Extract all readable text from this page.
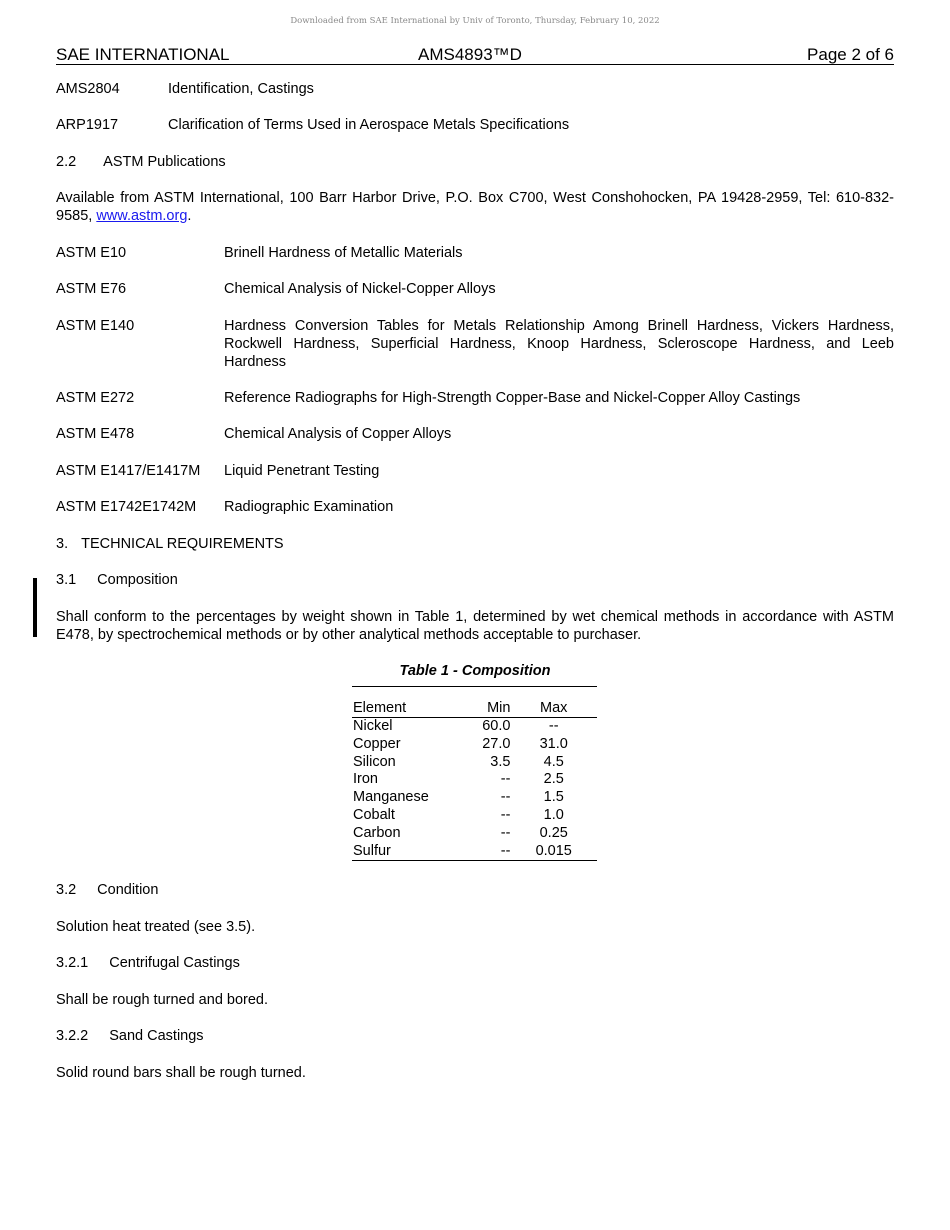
Downloaded from SAE International by Univ of Toronto, Thursday, February 10, 2022
SAE INTERNATIONAL	AMS4893™D	Page 2 of 6
AMS2804	Identification, Castings
ARP1917	Clarification of Terms Used in Aerospace Metals Specifications
2.2 ASTM Publications
Available from ASTM International, 100 Barr Harbor Drive, P.O. Box C700, West Conshohocken, PA 19428-2959, Tel: 610-832-9585, www.astm.org.
ASTM E10	Brinell Hardness of Metallic Materials
ASTM E76	Chemical Analysis of Nickel-Copper Alloys
ASTM E140	Hardness Conversion Tables for Metals Relationship Among Brinell Hardness, Vickers Hardness, Rockwell Hardness, Superficial Hardness, Knoop Hardness, Scleroscope Hardness, and Leeb Hardness
ASTM E272	Reference Radiographs for High-Strength Copper-Base and Nickel-Copper Alloy Castings
ASTM E478	Chemical Analysis of Copper Alloys
ASTM E1417/E1417M Liquid Penetrant Testing
ASTM E1742E1742M Radiographic Examination
3. TECHNICAL REQUIREMENTS
3.1 Composition
Shall conform to the percentages by weight shown in Table 1, determined by wet chemical methods in accordance with ASTM E478, by spectrochemical methods or by other analytical methods acceptable to purchaser.
Table 1 - Composition
Element	Min	Max
Nickel	60.0	--
Copper	27.0	31.0
Silicon	3.5	4.5
Iron	--	2.5
Manganese	--	1.5
Cobalt	--	1.0
Carbon	--	0.25
Sulfur	--	0.015
3.2 Condition
Solution heat treated (see 3.5).
3.2.1 Centrifugal Castings
Shall be rough turned and bored.
3.2.2 Sand Castings
Solid round bars shall be rough turned.
